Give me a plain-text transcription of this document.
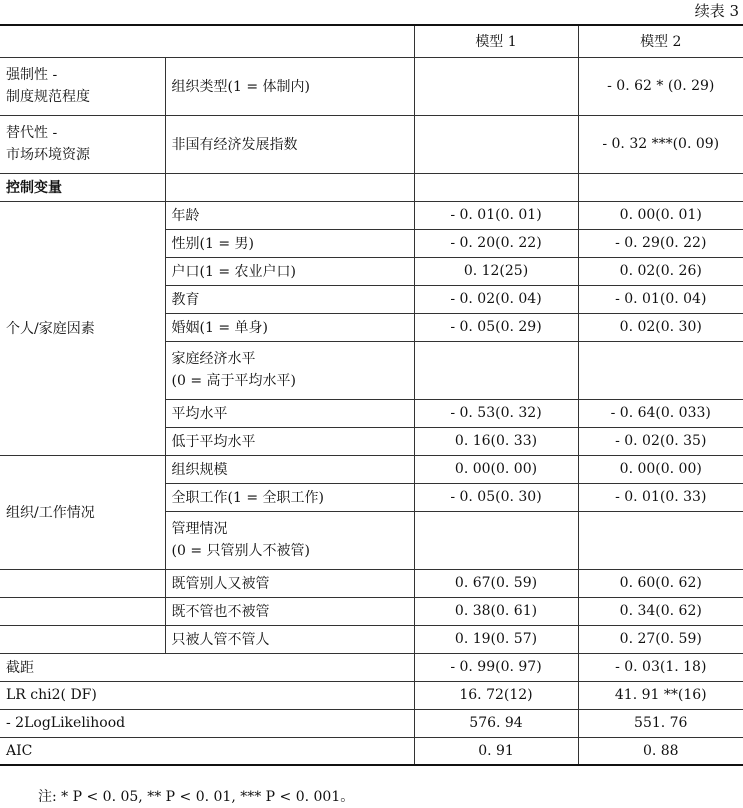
续表 3
		模型 1	模型 2
强制性 -
制度规范程度	组织类型(1 = 体制内)		- 0. 62 * (0. 29)
替代性 -
市场环境资源	非国有经济发展指数		- 0. 32 ***(0. 09)
控制变量			
个人/家庭因素	年龄	- 0. 01(0. 01)	0. 00(0. 01)
	性别(1 = 男)	- 0. 20(0. 22)	- 0. 29(0. 22)
	户口(1 = 农业户口)	0. 12(25)	0. 02(0. 26)
	教育	- 0. 02(0. 04)	- 0. 01(0. 04)
	婚姻(1 = 单身)	- 0. 05(0. 29)	0. 02(0. 30)
	家庭经济水平
(0 = 高于平均水平)		
	平均水平	- 0. 53(0. 32)	- 0. 64(0. 033)
	低于平均水平	0. 16(0. 33)	- 0. 02(0. 35)
组织/工作情况	组织规模	0. 00(0. 00)	0. 00(0. 00)
	全职工作(1 = 全职工作)	- 0. 05(0. 30)	- 0. 01(0. 33)
	管理情况
(0 = 只管别人不被管)		
	既管别人又被管	0. 67(0. 59)	0. 60(0. 62)
	既不管也不被管	0. 38(0. 61)	0. 34(0. 62)
	只被人管不管人	0. 19(0. 57)	0. 27(0. 59)
截距		- 0. 99(0. 97)	- 0. 03(1. 18)
LR chi2( DF)		16. 72(12)	41. 91 **(16)
- 2LogLikelihood		576. 94	551. 76
AIC		0. 91	0. 88
注: * P < 0. 05, ** P < 0. 01, *** P < 0. 001。
